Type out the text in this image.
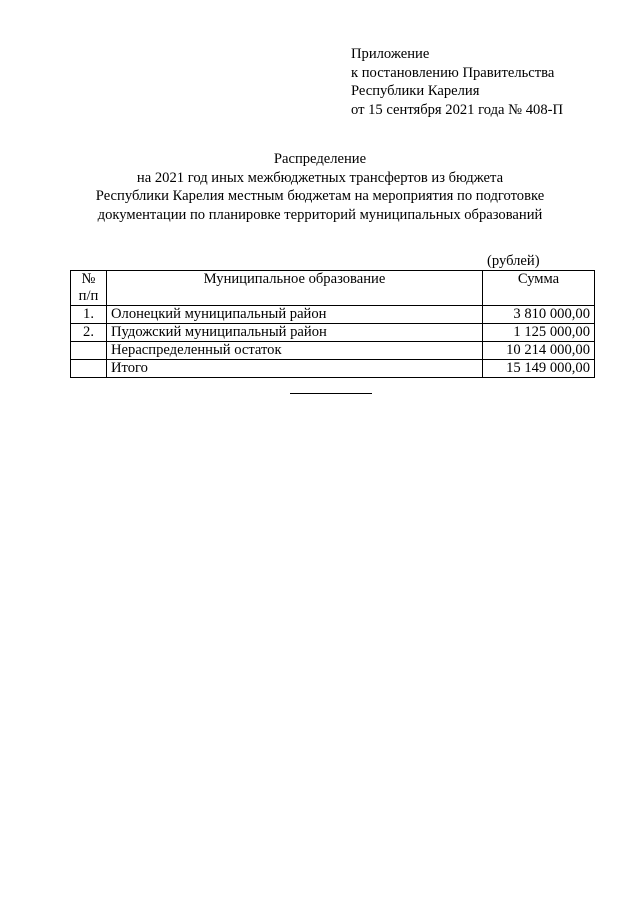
Приложение
к постановлению Правительства
Республики Карелия
от 15 сентября 2021 года № 408-П
Распределение
на 2021 год иных межбюджетных трансфертов из бюджета
Республики Карелия местным бюджетам на мероприятия по подготовке
документации по планировке территорий муниципальных образований
(рублей)
№
п/п	Муниципальное образование	Сумма
1.	Олонецкий муниципальный район	3 810 000,00
2.	Пудожский муниципальный район	1 125 000,00
	Нераспределенный остаток	10 214 000,00
	Итого	15 149 000,00
